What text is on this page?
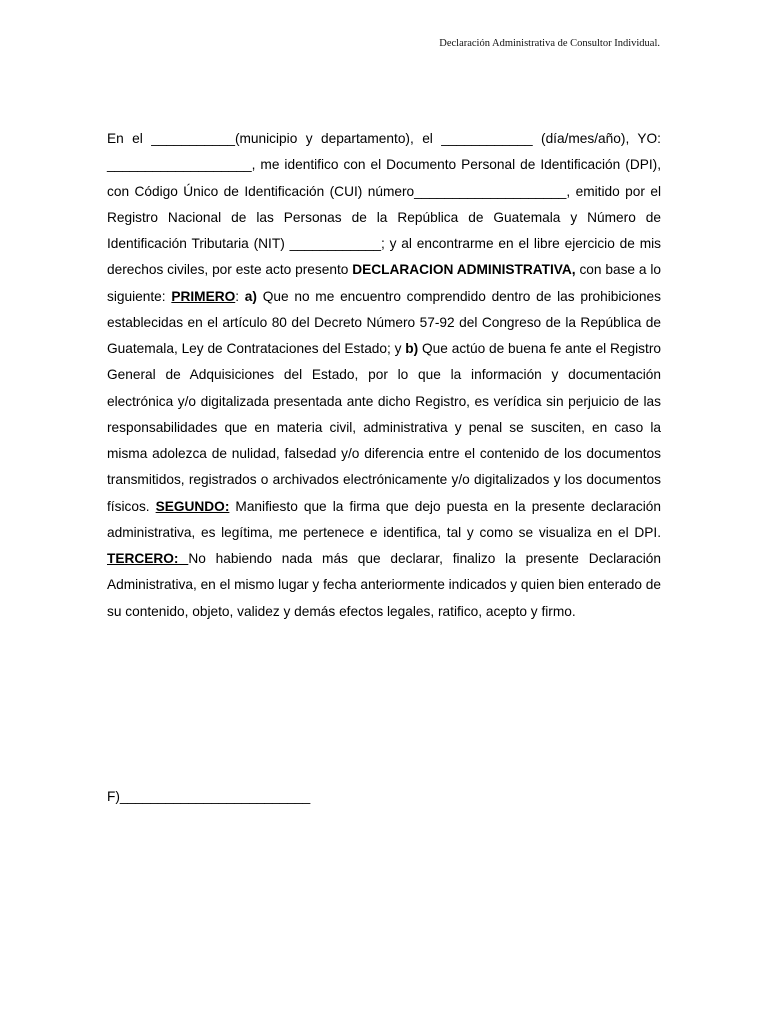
Declaración Administrativa de Consultor Individual.

En el ___________(municipio y departamento), el ____________ (día/mes/año), YO: ___________________, me identifico con el Documento Personal de Identificación (DPI), con Código Único de Identificación (CUI) número____________________, emitido por el Registro Nacional de las Personas de la República de Guatemala y Número de Identificación Tributaria (NIT) ____________; y al encontrarme en el libre ejercicio de mis derechos civiles, por este acto presento DECLARACION ADMINISTRATIVA, con base a lo siguiente: PRIMERO: a) Que no me encuentro comprendido dentro de las prohibiciones establecidas en el artículo 80 del Decreto Número 57-92 del Congreso de la República de Guatemala, Ley de Contrataciones del Estado; y b) Que actúo de buena fe ante el Registro General de Adquisiciones del Estado, por lo que la información y documentación electrónica y/o digitalizada presentada ante dicho Registro, es verídica sin perjuicio de las responsabilidades que en materia civil, administrativa y penal se susciten, en caso la misma adolezca de nulidad, falsedad y/o diferencia entre el contenido de los documentos transmitidos, registrados o archivados electrónicamente y/o digitalizados y los documentos físicos. SEGUNDO: Manifiesto que la firma que dejo puesta en la presente declaración administrativa, es legítima, me pertenece e identifica, tal y como se visualiza en el DPI. TERCERO: No habiendo nada más que declarar, finalizo la presente Declaración Administrativa, en el mismo lugar y fecha anteriormente indicados y quien bien enterado de su contenido, objeto, validez y demás efectos legales, ratifico, acepto y firmo.

F)_________________________
